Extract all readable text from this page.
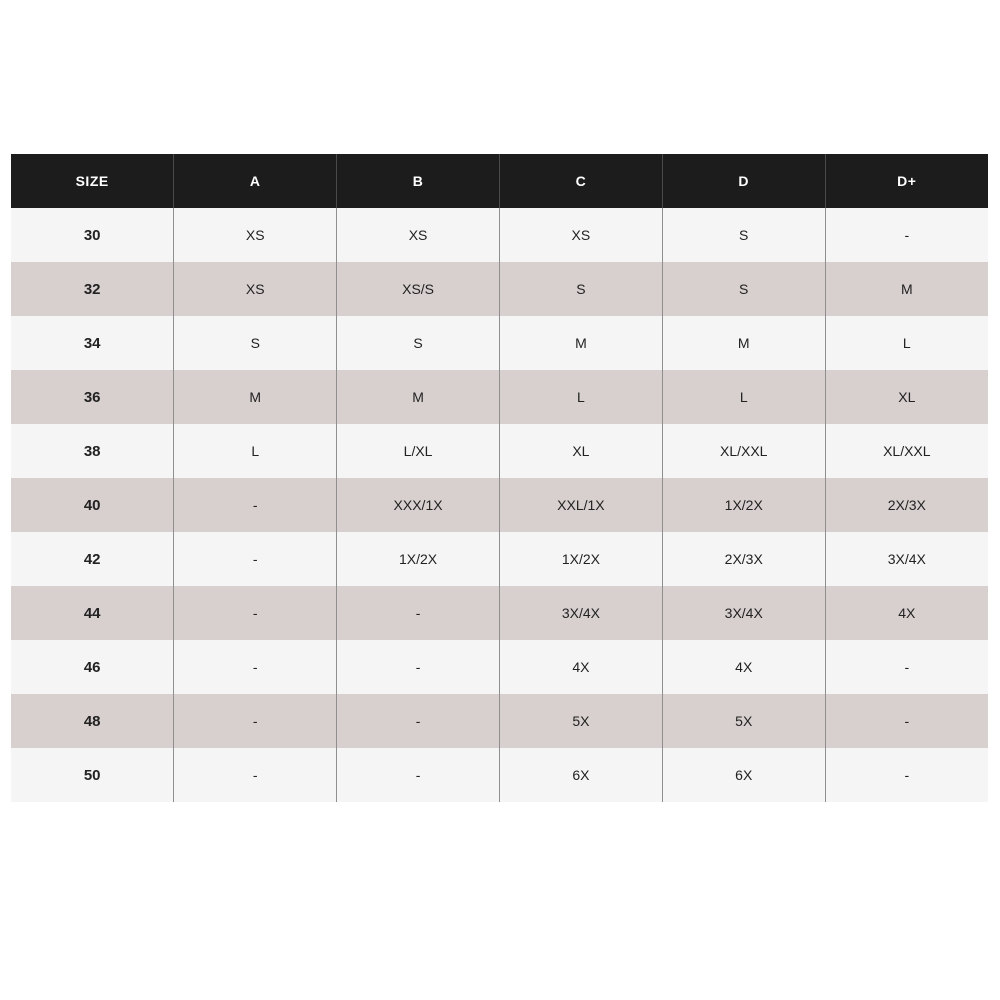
SIZE	A	B	C	D	D+
30	XS	XS	XS	S	-
32	XS	XS/S	S	S	M
34	S	S	M	M	L
36	M	M	L	L	XL
38	L	L/XL	XL	XL/XXL	XL/XXL
40	-	XXX/1X	XXL/1X	1X/2X	2X/3X
42	-	1X/2X	1X/2X	2X/3X	3X/4X
44	-	-	3X/4X	3X/4X	4X
46	-	-	4X	4X	-
48	-	-	5X	5X	-
50	-	-	6X	6X	-
